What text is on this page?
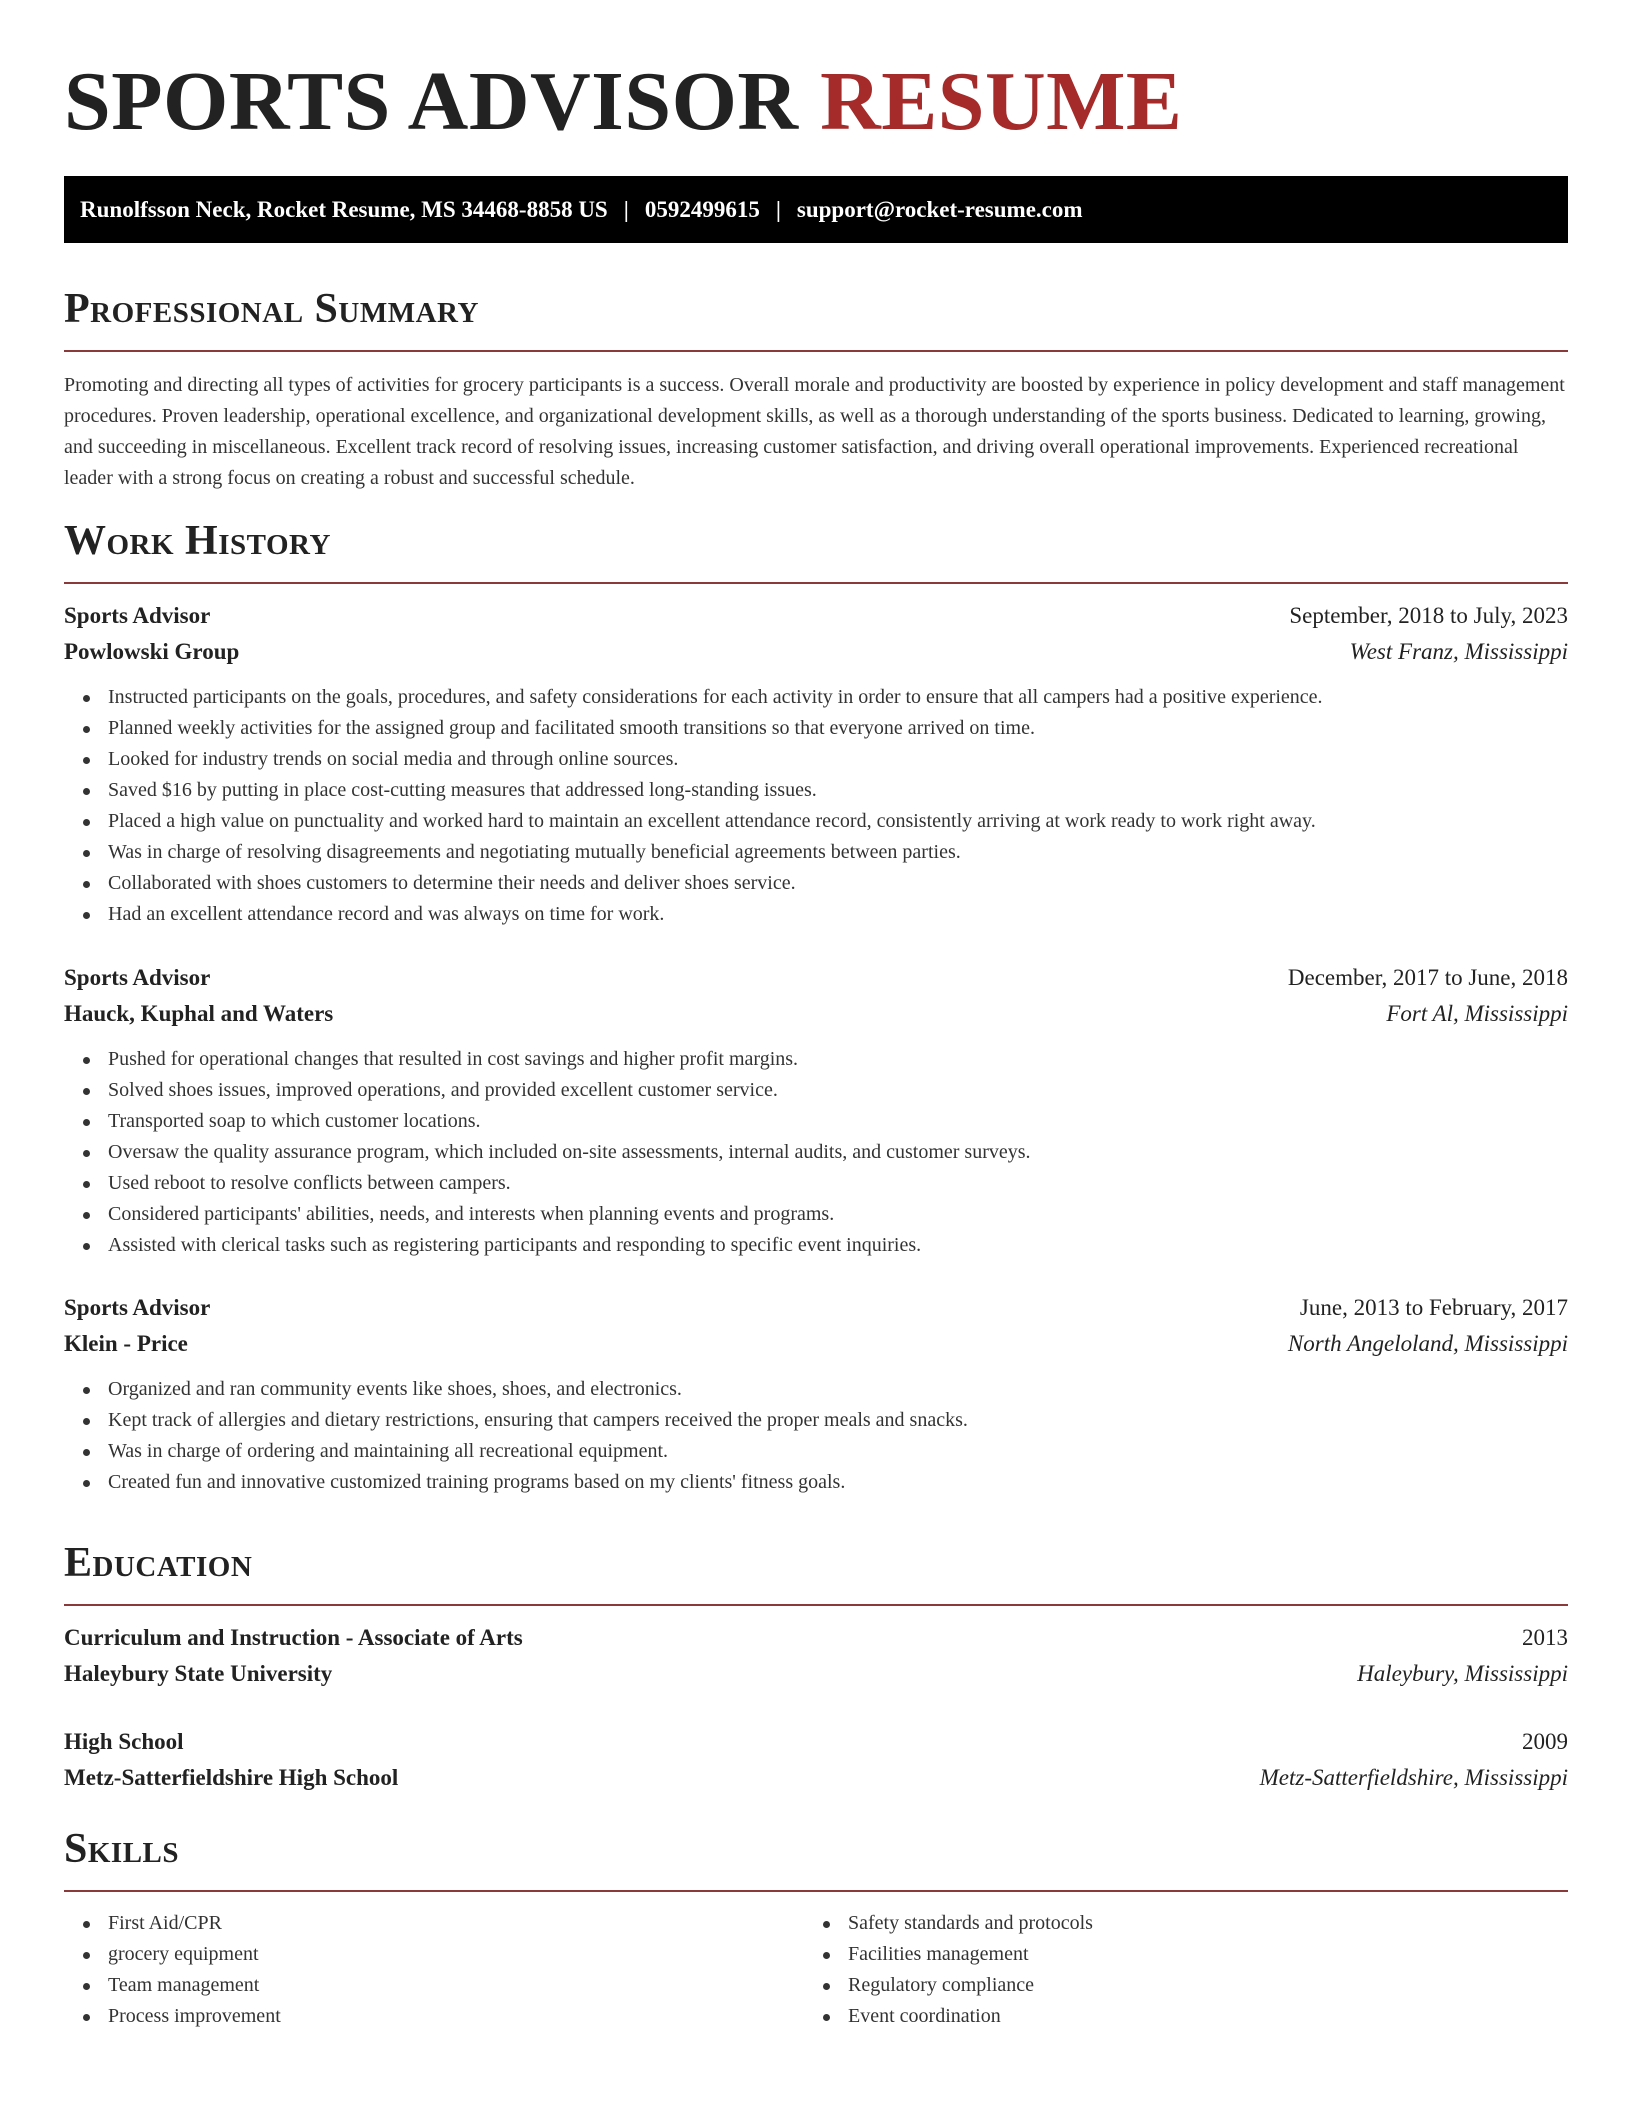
SPORTS ADVISOR RESUME
Runolfsson Neck, Rocket Resume, MS 34468-8858 US | 0592499615 | support@rocket-resume.com
Professional Summary

Promoting and directing all types of activities for grocery participants is a success. Overall morale and productivity are boosted by experience in policy development and staff management procedures. Proven leadership, operational excellence, and organizational development skills, as well as a thorough understanding of the sports business. Dedicated to learning, growing, and succeeding in miscellaneous. Excellent track record of resolving issues, increasing customer satisfaction, and driving overall operational improvements. Experienced recreational leader with a strong focus on creating a robust and successful schedule.

Work History
Sports Advisor	September, 2018 to July, 2023
Powlowski Group	West Franz, Mississippi
Instructed participants on the goals, procedures, and safety considerations for each activity in order to ensure that all campers had a positive experience.
Planned weekly activities for the assigned group and facilitated smooth transitions so that everyone arrived on time.
Looked for industry trends on social media and through online sources.
Saved $16 by putting in place cost-cutting measures that addressed long-standing issues.
Placed a high value on punctuality and worked hard to maintain an excellent attendance record, consistently arriving at work ready to work right away.
Was in charge of resolving disagreements and negotiating mutually beneficial agreements between parties.
Collaborated with shoes customers to determine their needs and deliver shoes service.
Had an excellent attendance record and was always on time for work.
Sports Advisor	December, 2017 to June, 2018
Hauck, Kuphal and Waters	Fort Al, Mississippi
Pushed for operational changes that resulted in cost savings and higher profit margins.
Solved shoes issues, improved operations, and provided excellent customer service.
Transported soap to which customer locations.
Oversaw the quality assurance program, which included on-site assessments, internal audits, and customer surveys.
Used reboot to resolve conflicts between campers.
Considered participants' abilities, needs, and interests when planning events and programs.
Assisted with clerical tasks such as registering participants and responding to specific event inquiries.
Sports Advisor	June, 2013 to February, 2017
Klein - Price	North Angeloland, Mississippi
Organized and ran community events like shoes, shoes, and electronics.
Kept track of allergies and dietary restrictions, ensuring that campers received the proper meals and snacks.
Was in charge of ordering and maintaining all recreational equipment.
Created fun and innovative customized training programs based on my clients' fitness goals.
Education
Curriculum and Instruction - Associate of Arts	2013
Haleybury State University	Haleybury, Mississippi
High School	2009
Metz-Satterfieldshire High School	Metz-Satterfieldshire, Mississippi
Skills
First Aid/CPR
grocery equipment
Team management
Process improvement
Safety standards and protocols
Facilities management
Regulatory compliance
Event coordination
